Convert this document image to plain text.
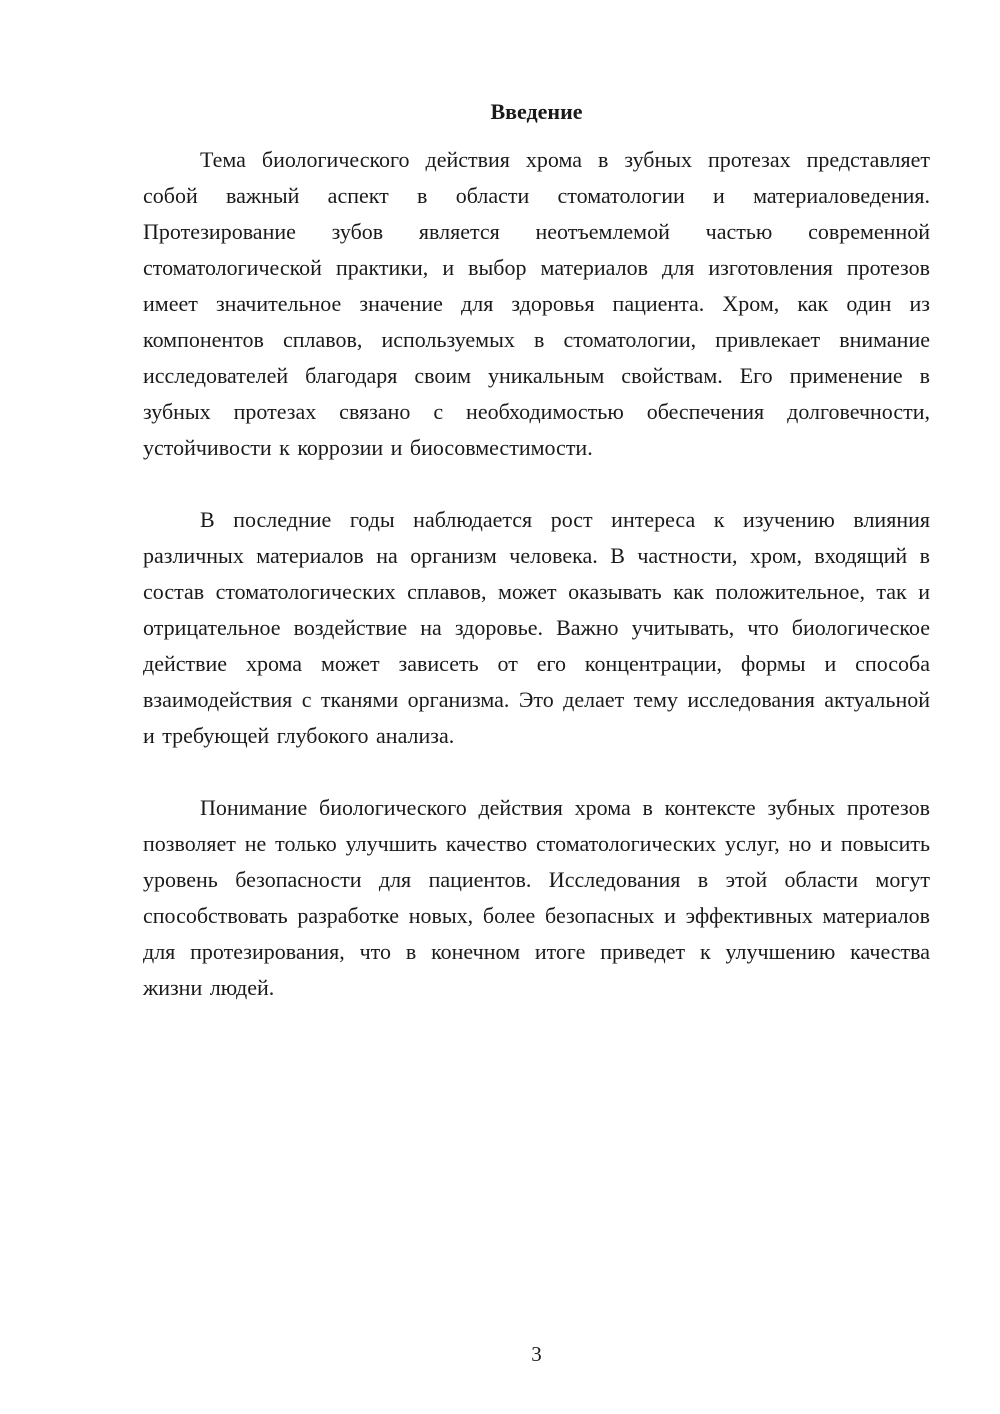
Введение

Тема биологического действия хрома в зубных протезах представляет собой важный аспект в области стоматологии и материаловедения. Протезирование зубов является неотъемлемой частью современной стоматологической практики, и выбор материалов для изготовления протезов имеет значительное значение для здоровья пациента. Хром, как один из компонентов сплавов, используемых в стоматологии, привлекает внимание исследователей благодаря своим уникальным свойствам. Его применение в зубных протезах связано с необходимостью обеспечения долговечности, устойчивости к коррозии и биосовместимости.

В последние годы наблюдается рост интереса к изучению влияния различных материалов на организм человека. В частности, хром, входящий в состав стоматологических сплавов, может оказывать как положительное, так и отрицательное воздействие на здоровье. Важно учитывать, что биологическое действие хрома может зависеть от его концентрации, формы и способа взаимодействия с тканями организма. Это делает тему исследования актуальной и требующей глубокого анализа.

Понимание биологического действия хрома в контексте зубных протезов позволяет не только улучшить качество стоматологических услуг, но и повысить уровень безопасности для пациентов. Исследования в этой области могут способствовать разработке новых, более безопасных и эффективных материалов для протезирования, что в конечном итоге приведет к улучшению качества жизни людей.

3
